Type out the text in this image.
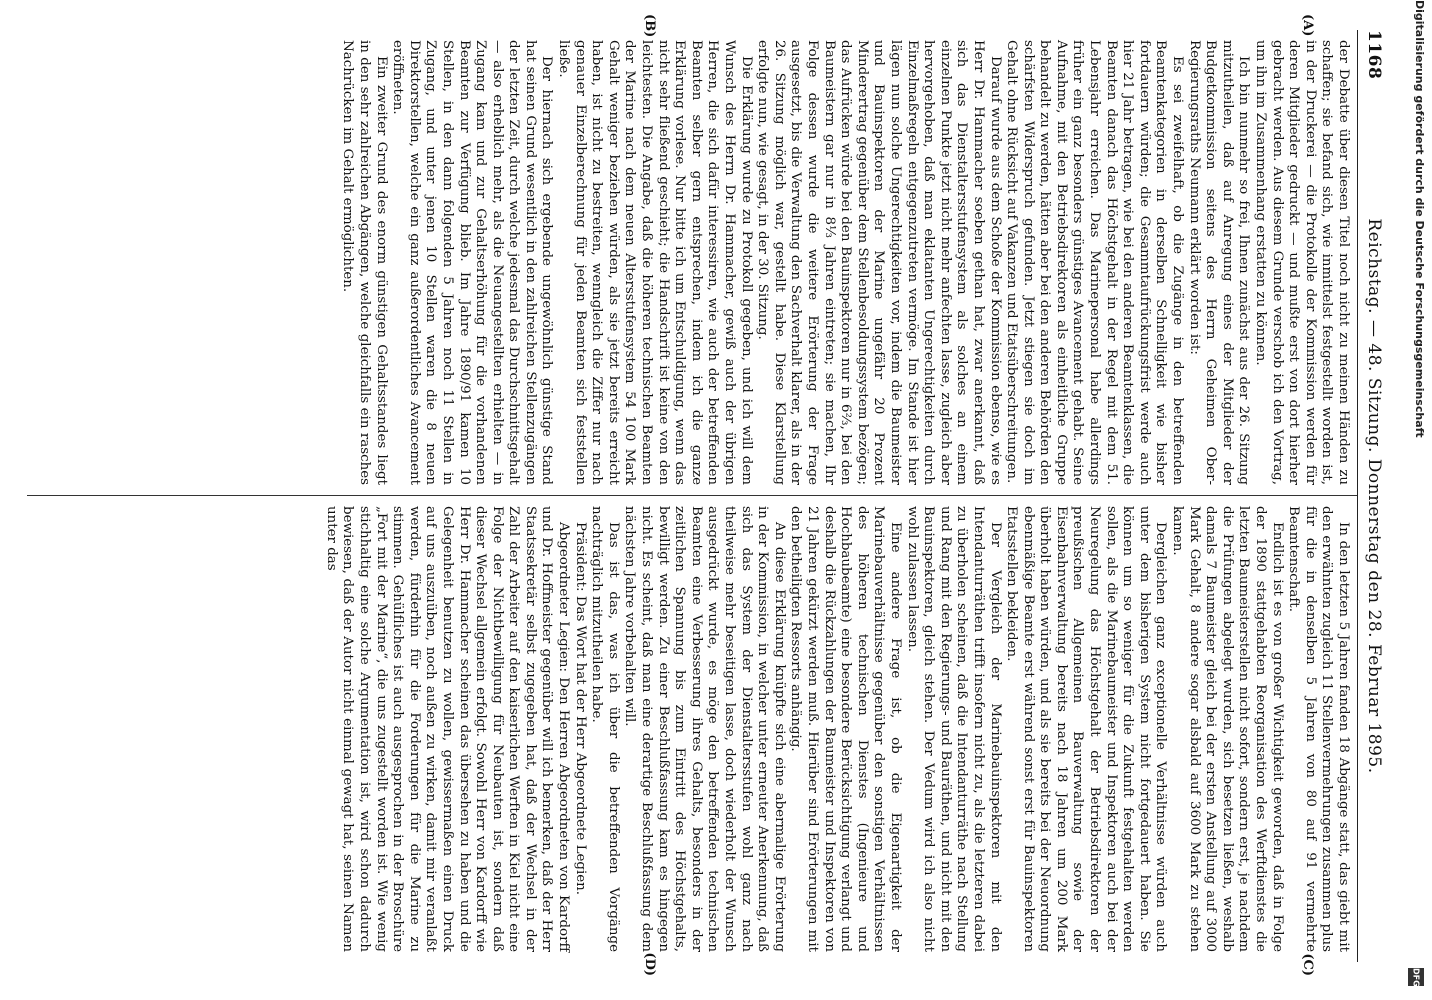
1168
Reichstag. — 48. Sitzung. Donnerstag den 28. Februar 1895.
(A)
(B)
(C)
(D)

der Debatte über diesen Titel noch nicht zu meinen Händen zu schaffen; sie befand sich, wie inmittelst festgestellt worden ist, in der Druckerei — die Protokolle der Kommission werden für deren Mitglieder gedruckt — und mußte erst von dort hierher gebracht werden. Aus diesem Grunde verschob ich den Vortrag, um ihn im Zusammenhang erstatten zu können.

Ich bin nunmehr so frei, Ihnen zunächst aus der 26. Sitzung mitzutheilen, daß auf Anregung eines der Mitglieder der Budgetkommission seitens des Herrn Geheimen Ober-Regierungsraths Neumann erklärt worden ist:

Es sei zweifelhaft, ob die Zugänge in den betreffenden Beamtenkategorien in derselben Schnelligkeit wie bisher fortdauern würden; die Gesammtaufrückungsfrist werde auch hier 21 Jahr betragen, wie bei den anderen Beamtenklassen, die Beamten danach das Höchstgehalt in der Regel mit dem 51. Lebensjahr erreichen. Das Marinepersonal habe allerdings früher ein ganz besonders günstiges Avancement gehabt. Seine Aufnahme, mit den Betriebsdirektoren als einheitliche Gruppe behandelt zu werden, hätten aber bei den anderen Behörden den schärfsten Widerspruch gefunden. Jetzt stiegen sie doch im Gehalt ohne Rücksicht auf Vakanzen und Etatsüberschreitungen.

Darauf wurde aus dem Schoße der Kommission ebenso, wie es Herr Dr. Hammacher soeben gethan hat, zwar anerkannt, daß sich das Dienstaltersstufensystem als solches an einem einzelnen Punkte jetzt nicht mehr anfechten lasse, zugleich aber hervorgehoben, daß man eklatanten Ungerechtigkeiten durch Einzelmaßregeln entgegenzutreten vermöge. Im Stande ist hier lägen nun solche Ungerechtigkeiten vor, indem die Baumeister und Bauinspektoren der Marine ungefähr 20 Prozent Minderertrag gegenüber dem Stellenbesoldungssystem bezögen; das Aufrücken würde bei den Bauinspektoren nur in 6⅔, bei den Baumeistern gar nur in 8⅓ Jahren eintreten; sie machen, Ihr Folge dessen wurde die weitere Erörterung der Frage ausgesetzt, bis die Verwaltung den Sachverhalt klarer, als in der 26. Sitzung möglich war, gestellt habe. Diese Klarstellung erfolgte nun, wie gesagt, in der 30. Sitzung.

Die Erklärung wurde zu Protokoll gegeben, und ich will dem Wunsch des Herrn Dr. Hammacher, gewiß auch der übrigen Herren, die sich dafür interessiren, wie auch der betreffenden Beamten selber gern entsprechen, indem ich die ganze Erklärung vorlese. Nur bitte ich um Entschuldigung, wenn das nicht sehr fließend geschieht; die Handschrift ist keine von den leichtesten. Die Angabe, daß die höheren technischen Beamten der Marine nach dem neuen Altersstufensystem 54 100 Mark Gehalt weniger beziehen würden, als sie jetzt bereits erreicht haben, ist nicht zu bestreiten, wenngleich die Ziffer nur nach genauer Einzelberechnung für jeden Beamten sich feststellen ließe.

Der hiernach sich ergebende ungewöhnlich günstige Stand hat seinen Grund wesentlich in den zahlreichen Stellenzugängen der letzten Zeit, durch welche jedesmal das Durchschnittsgehalt — also erheblich mehr, als die Neuangestellten erhielten — in Zugang kam und zur Gehaltserhöhung für die vorhandenen Beamten zur Verfügung blieb. Im Jahre 1890/91 kamen 10 Stellen, in den dann folgenden 5 Jahren noch 11 Stellen in Zugang, und unter jenen 10 Stellen waren die 8 neuen Direktorstellen, welche ein ganz außerordentliches Avancement eröffneten.

Ein zweiter Grund des enorm günstigen Gehaltsstandes liegt in den sehr zahlreichen Abgängen, welche gleichfalls ein rasches Nachrücken im Gehalt ermöglichten.

In den letzten 5 Jahren fanden 18 Abgänge statt, das giebt mit den erwähnten zugleich 11 Stellenvermehrungen zusammen plus für die in denselben 5 Jahren von 80 auf 91 vermehrte Beamtenschaft.

Endlich ist es von großer Wichtigkeit geworden, daß in Folge der 1890 stattgehabten Reorganisation des Werftdienstes die letzten Baumeisterstellen nicht sofort, sondern erst, je nachdem die Prüfungen abgelegt wurden, sich besetzen ließen, weshalb damals 7 Baumeister gleich bei der ersten Anstellung auf 3000 Mark Gehalt, 8 andere sogar alsbald auf 3600 Mark zu stehen kamen.

Dergleichen ganz exceptionelle Verhältnisse würden auch unter dem bisherigen System nicht fortgedauert haben. Sie können um so weniger für die Zukunft festgehalten werden sollen, als die Marinebaumeister und Inspektoren auch bei der Neuregelung das Höchstgehalt der Betriebsdirektoren der preußischen Allgemeinen Bauverwaltung sowie der Eisenbahnverwaltung bereits nach 18 Jahren um 200 Mark überholt haben würden, und als sie bereits bei der Neuordnung ebenmäßige Beamte erst während sonst erst für Bauinspektoren Etatsstellen bekleiden.

Der Vergleich der Marinebauinspektoren mit den Intendanturräthen trifft insofern nicht zu, als die letzteren dabei zu überholen scheinen, daß die Intendanturräthe nach Stellung und Rang mit den Regierungs- und Bauräthen, und nicht mit den Bauinspektoren, gleich stehen. Der Vedum wird ich also nicht wohl zulassen lassen.

Eine andere Frage ist, ob die Eigenartigkeit der Marinebauverhältnisse gegenüber den sonstigen Verhältnissen des höheren technischen Dienstes (Ingenieure und Hochbaubeamte) eine besondere Berücksichtigung verlangt und deshalb die Rückzahlungen der Baumeister und Inspektoren von 21 Jahren gekürzt werden muß. Hierüber sind Erörterungen mit den betheiligten Ressorts anhängig.

An diese Erklärung knüpfte sich eine abermalige Erörterung in der Kommission, in welcher unter erneuter Anerkennung, daß sich das System der Dienstaltersstufen wohl ganz nach theilweise mehr beseitigen lasse, doch wiederholt der Wunsch ausgedrückt wurde, es möge den betreffenden technischen Beamten eine Verbesserung ihres Gehalts, besonders in der zeitlichen Spannung bis zum Eintritt des Höchstgehalts, bewilligt werden. Zu einer Beschlußfassung kam es hingegen nicht. Es scheint, daß man eine derartige Beschlußfassung dem nächsten Jahre vorbehalten will.

Das ist das, was ich über die betreffenden Vorgänge nachträglich mitzutheilen habe.

Präsident: Das Wort hat der Herr Abgeordnete Legien.

Abgeordneter Legien: Den Herren Abgeordneten von Kardorff und Dr. Hoffmeister gegenüber will ich bemerken, daß der Herr Staatssekretär selbst zugegeben hat, daß der Wechsel in der Zahl der Arbeiter auf den kaiserlichen Werften in Kiel nicht eine Folge der Nichtbewilligung für Neubauten ist, sondern daß dieser Wechsel allgemein erfolgt. Sowohl Herr von Kardorff wie Herr Dr. Hammacher scheinen das übersehen zu haben und die Gelegenheit benutzen zu wollen, gewissermaßen einen Druck auf uns auszuüben, noch außen zu wirken, damit mir veranlaßt werden, fürderhin für die Forderungen für die Marine zu stimmen. Gehülfliches ist auch ausgesprochen in der Broschüre „Fort mit der Marine“, die uns zugestellt worden ist. Wie wenig stichhaltig eine solche Argumentation ist, wird schon dadurch bewiesen, daß der Autor nicht einmal gewagt hat, seinen Namen unter das

Digitalisierung gefördert durch die Deutsche Forschungsgemeinschaft
DFG
